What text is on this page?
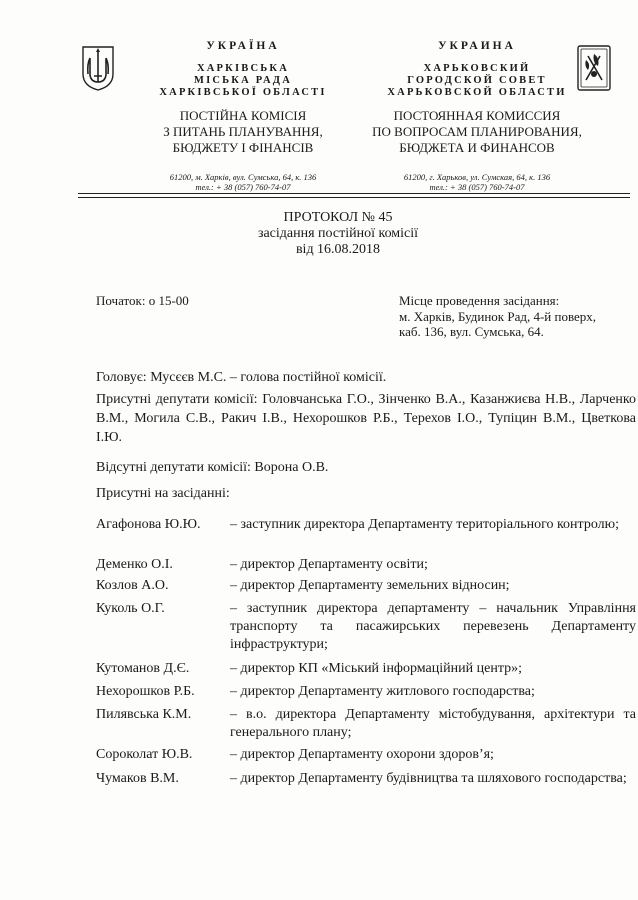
УКРАЇНА
ХАРКІВСЬКА
МІСЬКА РАДА
ХАРКІВСЬКОЇ ОБЛАСТІ
ПОСТІЙНА КОМІСІЯ
З ПИТАНЬ ПЛАНУВАННЯ,
БЮДЖЕТУ І ФІНАНСІВ
61200, м. Харків, вул. Сумська, 64, к. 136
тел.: + 38 (057) 760-74-07
УКРАИНА
ХАРЬКОВСКИЙ
ГОРОДСКОЙ СОВЕТ
ХАРЬКОВСКОЙ ОБЛАСТИ
ПОСТОЯННАЯ КОМИССИЯ
ПО ВОПРОСАМ ПЛАНИРОВАНИЯ,
БЮДЖЕТА И ФИНАНСОВ
61200, г. Харьков, ул. Сумская, 64, к. 136
тел.: + 38 (057) 760-74-07
ПРОТОКОЛ № 45
засідання постійної комісії
від 16.08.2018
Початок: о 15-00	Місце проведення засідання:
м. Харків, Будинок Рад, 4-й поверх,
каб. 136, вул. Сумська, 64.
Головує: Мусєєв М.С. – голова постійної комісії.
Присутні депутати комісії: Головчанська Г.О., Зінченко В.А., Казанжиєва Н.В., Ларченко В.М., Могила С.В., Ракич І.В., Нехорошков Р.Б., Терехов І.О., Тупіцин В.М., Цветкова І.Ю.
Відсутні депутати комісії: Ворона О.В.
Присутні на засіданні:
Агафонова Ю.Ю.	– заступник директора Департаменту територіального контролю;
Деменко О.І.	– директор Департаменту освіти;
Козлов А.О.	– директор Департаменту земельних відносин;
Куколь О.Г.	– заступник директора департаменту – начальник Управління транспорту та пасажирських перевезень Департаменту інфраструктури;
Кутоманов Д.Є.	– директор КП «Міський інформаційний центр»;
Нехорошков Р.Б.	– директор Департаменту житлового господарства;
Пилявська К.М.	– в.о. директора Департаменту містобудування, архітектури та генерального плану;
Сороколат Ю.В.	– директор Департаменту охорони здоров’я;
Чумаков В.М.	– директор Департаменту будівництва та шляхового господарства;
